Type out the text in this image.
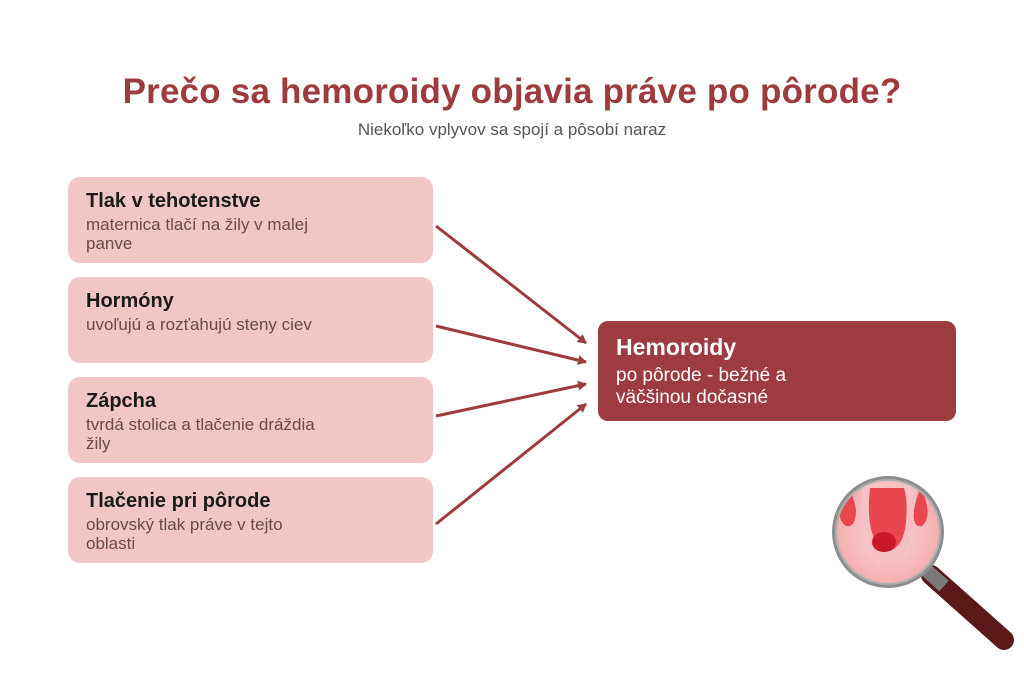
Prečo sa hemoroidy objavia práve po pôrode?

Niekoľko vplyvov sa spojí a pôsobí naraz

Tlak v tehotenstve
maternica tlačí na žily v malej panve
Hormóny
uvoľujú a rozťahujú steny ciev
Zápcha
tvrdá stolica a tlačenie dráždia žily
Tlačenie pri pôrode
obrovský tlak práve v tejto oblasti
Hemoroidy
po pôrode - bežné a väčšinou dočasné
